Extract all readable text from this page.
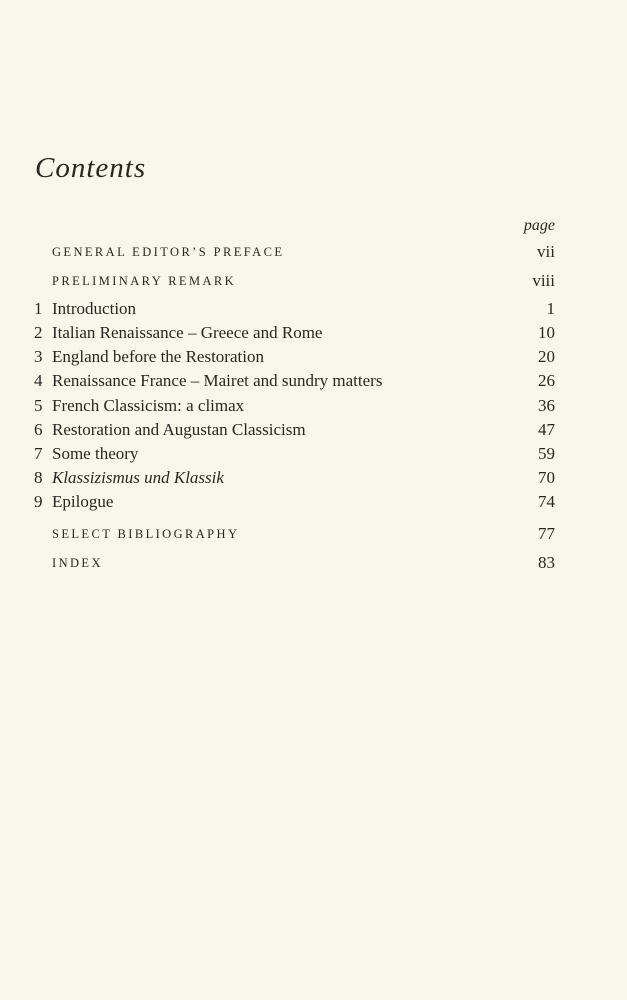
Contents
page
GENERAL EDITOR’S PREFACE	vii
PRELIMINARY REMARK	viii
1 Introduction	1
2 Italian Renaissance – Greece and Rome	10
3 England before the Restoration	20
4 Renaissance France – Mairet and sundry matters	26
5 French Classicism: a climax	36
6 Restoration and Augustan Classicism	47
7 Some theory	59
8 Klassizismus und Klassik	70
9 Epilogue	74
SELECT BIBLIOGRAPHY	77
INDEX	83
